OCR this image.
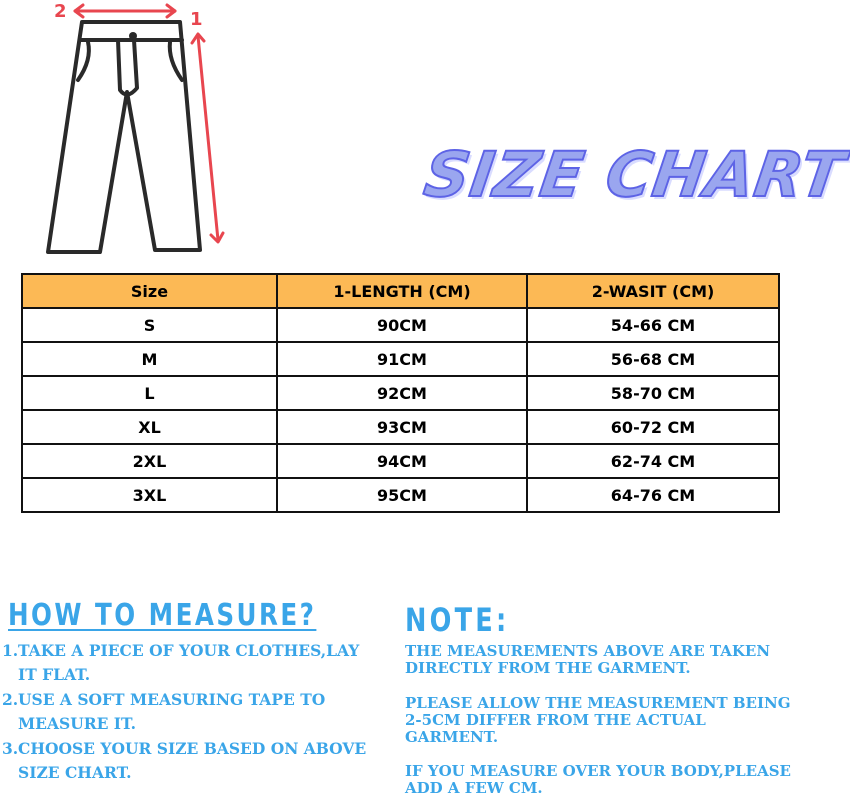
2	1
SIZE CHART
Size	1-LENGTH (CM)	2-WASIT (CM)
S	90CM	54-66 CM
M	91CM	56-68 CM
L	92CM	58-70 CM
XL	93CM	60-72 CM
2XL	94CM	62-74 CM
3XL	95CM	64-76 CM
HOW TO MEASURE?
1. TAKE A PIECE OF YOUR CLOTHES,LAY IT FLAT.
2. USE A SOFT MEASURING TAPE TO MEASURE IT.
3. CHOOSE YOUR SIZE BASED ON ABOVE SIZE CHART.
NOTE:

THE MEASUREMENTS ABOVE ARE TAKEN DIRECTLY FROM THE GARMENT.

PLEASE ALLOW THE MEASUREMENT BEING 2-5CM DIFFER FROM THE ACTUAL GARMENT.

IF YOU MEASURE OVER YOUR BODY,PLEASE ADD A FEW CM.
